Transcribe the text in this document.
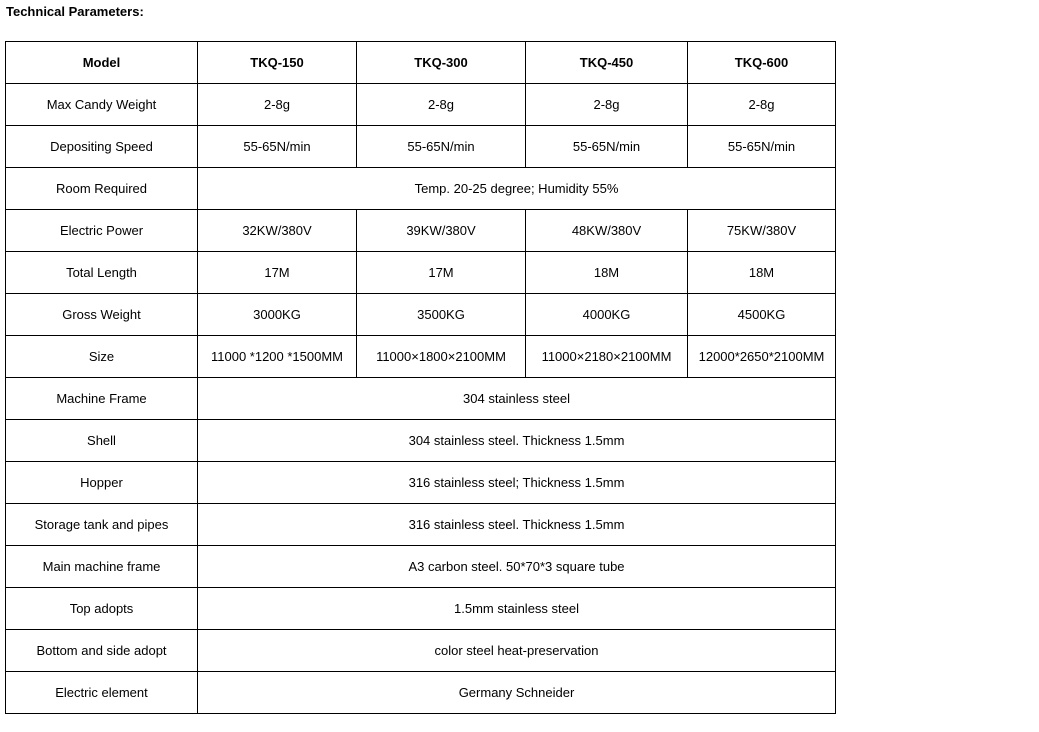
Technical Parameters:

Model	TKQ-150	TKQ-300	TKQ-450	TKQ-600
Max Candy Weight	2-8g	2-8g	2-8g	2-8g
Depositing Speed	55-65N/min	55-65N/min	55-65N/min	55-65N/min
Room Required	Temp. 20-25 degree; Humidity 55%			
Electric Power	32KW/380V	39KW/380V	48KW/380V	75KW/380V
Total Length	17M	17M	18M	18M
Gross Weight	3000KG	3500KG	4000KG	4500KG
Size	11000 *1200 *1500MM	11000×1800×2100MM	11000×2180×2100MM	12000*2650*2100MM
Machine Frame	304 stainless steel			
Shell	304 stainless steel. Thickness 1.5mm			
Hopper	316 stainless steel; Thickness 1.5mm			
Storage tank and pipes	316 stainless steel. Thickness 1.5mm			
Main machine frame	A3 carbon steel. 50*70*3 square tube			
Top adopts	1.5mm stainless steel			
Bottom and side adopt	color steel heat-preservation			
Electric element	Germany Schneider			
